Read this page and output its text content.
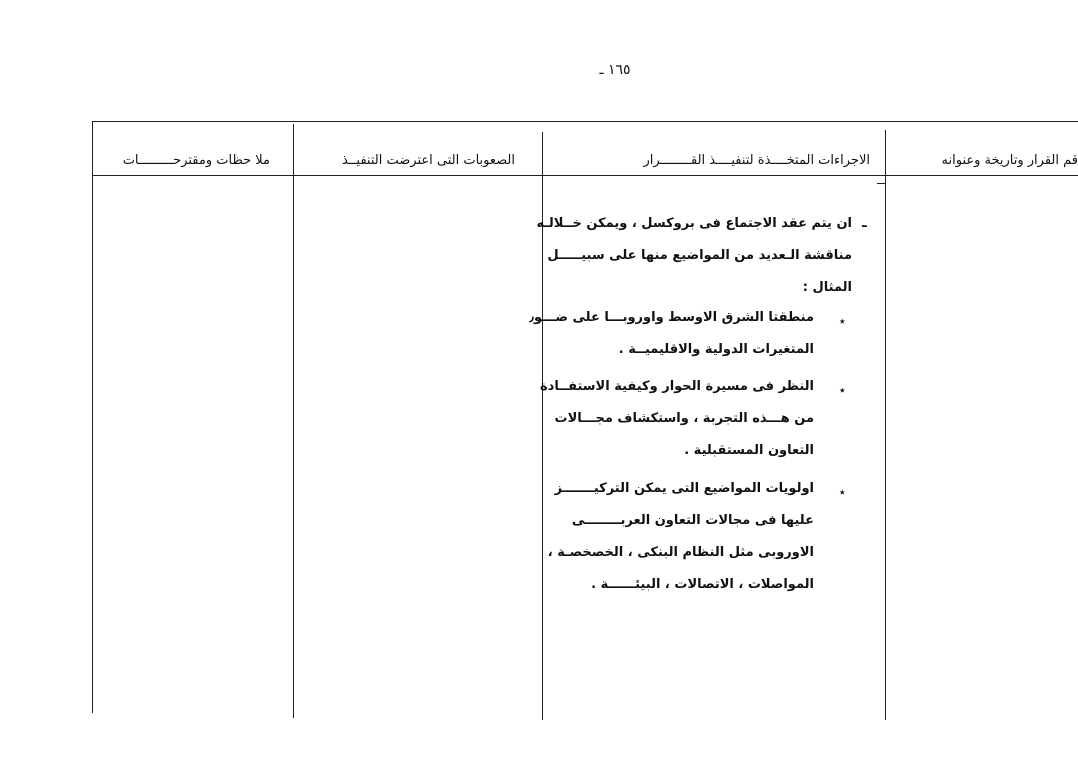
١٦٥ ـ
قم القرار وتاريخة وعنوانه
الاجراءات المتخــــذة لتنفيــــذ القــــــــرار
الصعوبات التى اعترضت التنفيــذ
ملا حظات ومقترحـــــــــات
ـ
ان يتم عقد الاجتماع فى بروكسل ، ويمكن خــلالـه
مناقشة الـعديد من المواضيع منها على سبيـــــل
المثال :
٭
منطقتا الشرق الاوسط واوروبـــا على ضـــو٫
المتغيرات الدولية والاقليميــة .
٭
النظر فى مسيرة الحوار وكيفية الاستفــادة
من هـــذه التجربة ، واستكشاف مجـــالات
التعاون المستقبلية .
٭
اولويات المواضيع التى يمكن التركيـــــــز
عليها فى مجالات التعاون العربــــــــى
الاوروبى مثل النظام البنكى ، الخصخصـة ،
المواصلات ، الاتصالات ، البيئــــــة .
